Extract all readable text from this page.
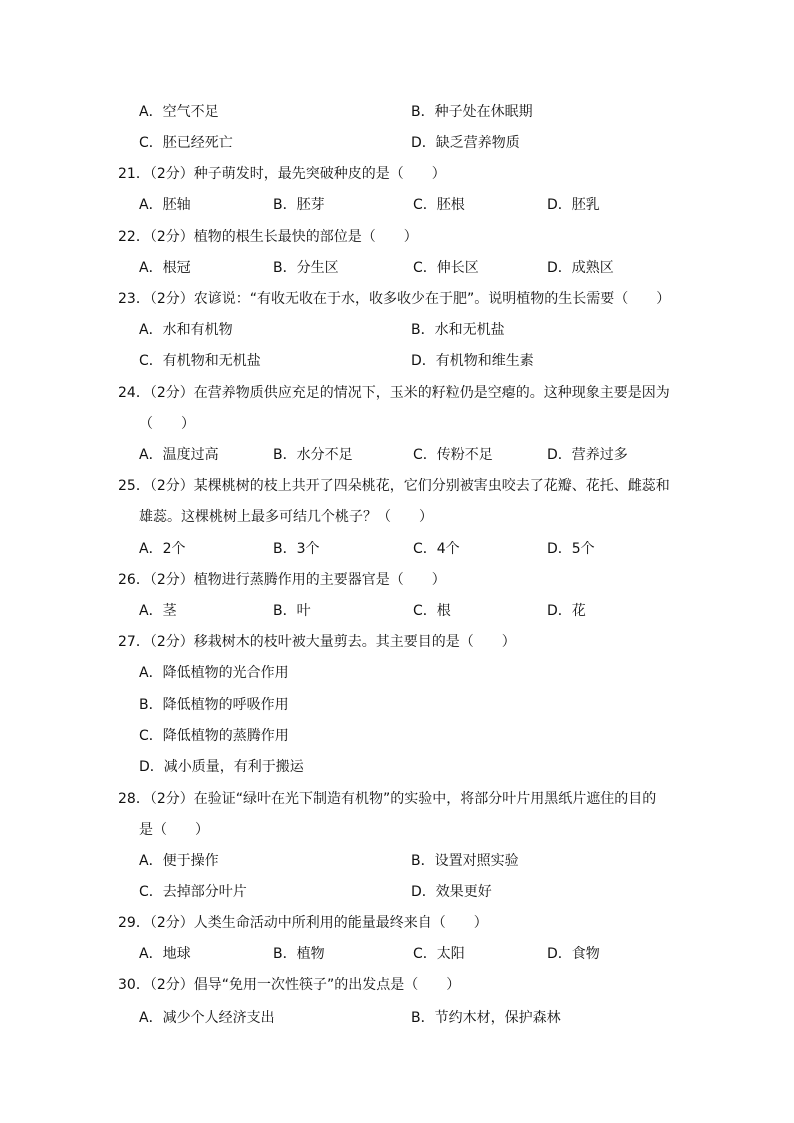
A．空气不足	B．种子处在休眠期
C．胚已经死亡	D．缺乏营养物质
21．（2分）种子萌发时，最先突破种皮的是（　　）
A．胚轴	B．胚芽	C．胚根	D．胚乳
22．（2分）植物的根生长最快的部位是（　　）
A．根冠	B．分生区	C．伸长区	D．成熟区
23．（2分）农谚说：“有收无收在于水，收多收少在于肥”。说明植物的生长需要（　　）
A．水和有机物	B．水和无机盐
C．有机物和无机盐	D．有机物和维生素
24．（2分）在营养物质供应充足的情况下，玉米的籽粒仍是空瘪的。这种现象主要是因为
（　　）
A．温度过高	B．水分不足	C．传粉不足	D．营养过多
25．（2分）某棵桃树的枝上共开了四朵桃花，它们分别被害虫咬去了花瓣、花托、雌蕊和
雄蕊。这棵桃树上最多可结几个桃子？（　　）
A．2个	B．3个	C．4个	D．5个
26．（2分）植物进行蒸腾作用的主要器官是（　　）
A．茎	B．叶	C．根	D．花
27．（2分）移栽树木的枝叶被大量剪去。其主要目的是（　　）
A．降低植物的光合作用
B．降低植物的呼吸作用
C．降低植物的蒸腾作用
D．减小质量，有利于搬运
28．（2分）在验证“绿叶在光下制造有机物”的实验中，将部分叶片用黑纸片遮住的目的
是（　　）
A．便于操作	B．设置对照实验
C．去掉部分叶片	D．效果更好
29．（2分）人类生命活动中所利用的能量最终来自（　　）
A．地球	B．植物	C．太阳	D．食物
30．（2分）倡导“免用一次性筷子”的出发点是（　　）
A．减少个人经济支出	B．节约木材，保护森林
